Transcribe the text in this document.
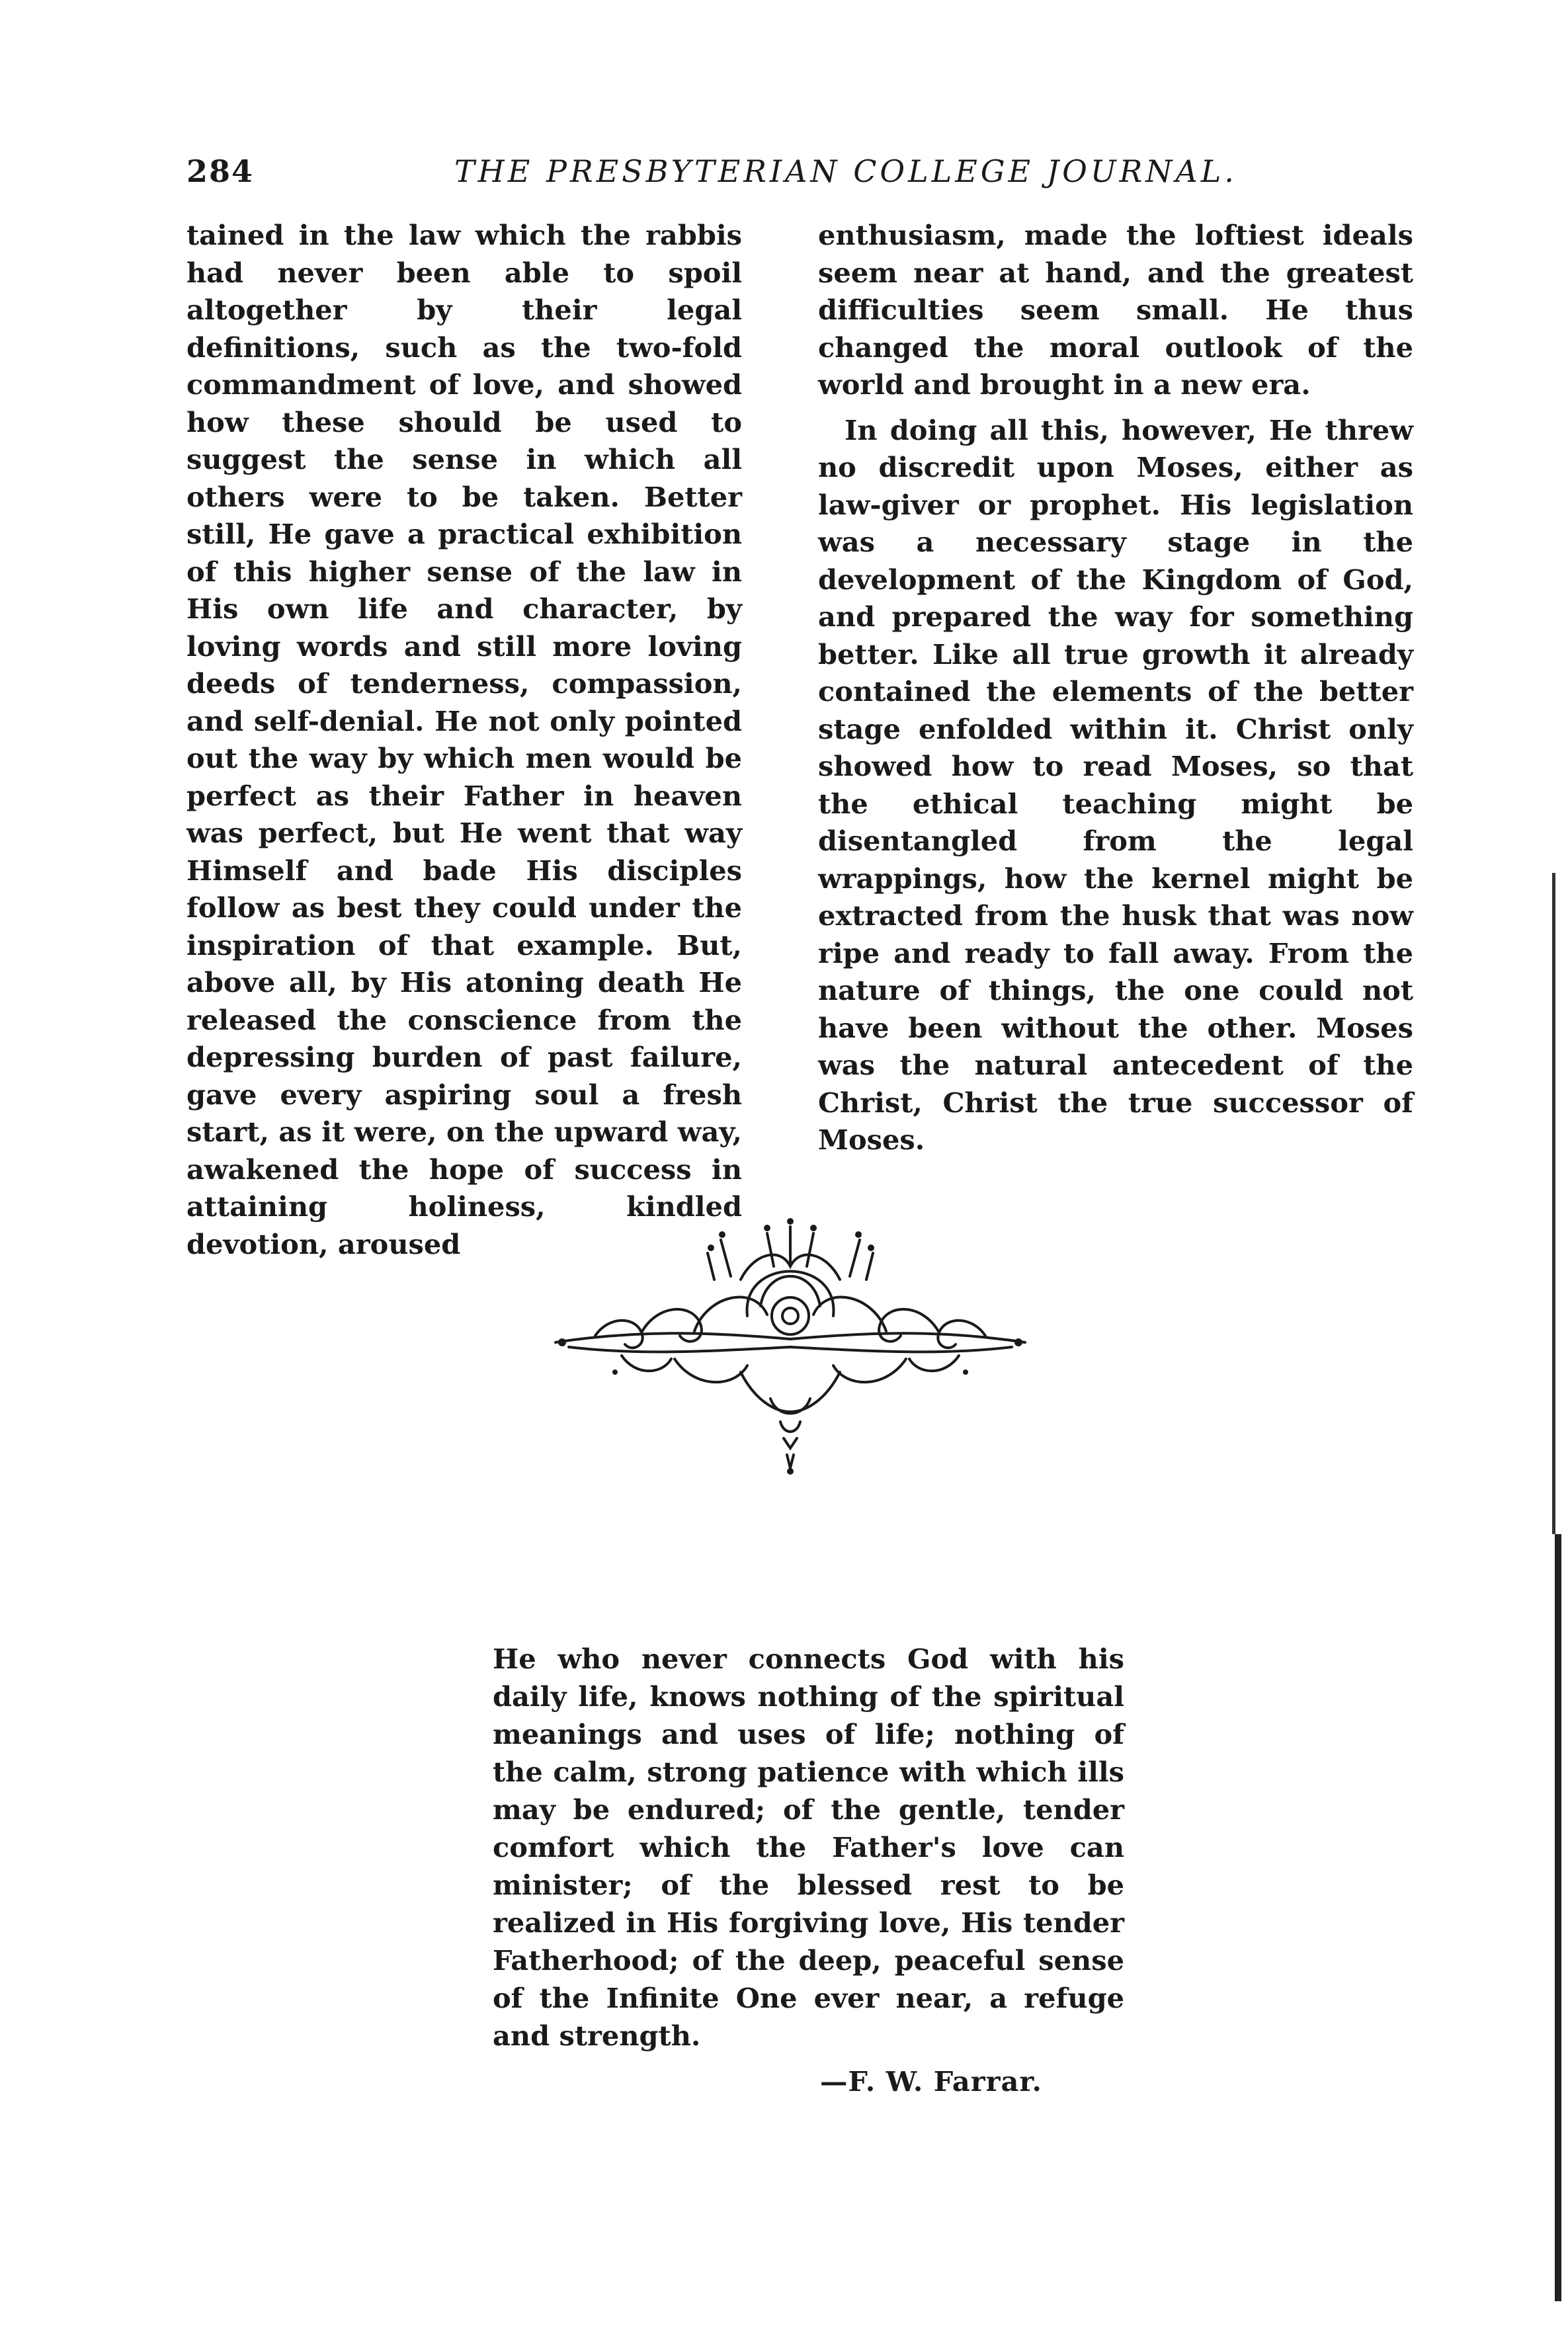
284	THE PRESBYTERIAN COLLEGE JOURNAL.

tained in the law which the rabbis had never been able to spoil altogether by their legal definitions, such as the two-fold commandment of love, and showed how these should be used to suggest the sense in which all others were to be taken. Better still, He gave a practical exhibition of this higher sense of the law in His own life and character, by loving words and still more loving deeds of tenderness, compassion, and self-denial. He not only pointed out the way by which men would be perfect as their Father in heaven was perfect, but He went that way Himself and bade His disciples follow as best they could under the inspiration of that example. But, above all, by His atoning death He released the conscience from the depressing burden of past failure, gave every aspiring soul a fresh start, as it were, on the upward way, awakened the hope of success in attaining holiness, kindled devotion, aroused

enthusiasm, made the loftiest ideals seem near at hand, and the greatest difficulties seem small. He thus changed the moral outlook of the world and brought in a new era.

In doing all this, however, He threw no discredit upon Moses, either as law-giver or prophet. His legislation was a necessary stage in the development of the Kingdom of God, and prepared the way for something better. Like all true growth it already contained the elements of the better stage enfolded within it. Christ only showed how to read Moses, so that the ethical teaching might be disentangled from the legal wrappings, how the kernel might be extracted from the husk that was now ripe and ready to fall away. From the nature of things, the one could not have been without the other. Moses was the natural antecedent of the Christ, Christ the true successor of Moses.

He who never connects God with his daily life, knows nothing of the spiritual meanings and uses of life; nothing of the calm, strong patience with which ills may be endured; of the gentle, tender comfort which the Father's love can minister; of the blessed rest to be realized in His forgiving love, His tender Fatherhood; of the deep, peaceful sense of the Infinite One ever near, a refuge and strength.

—F. W. Farrar.
